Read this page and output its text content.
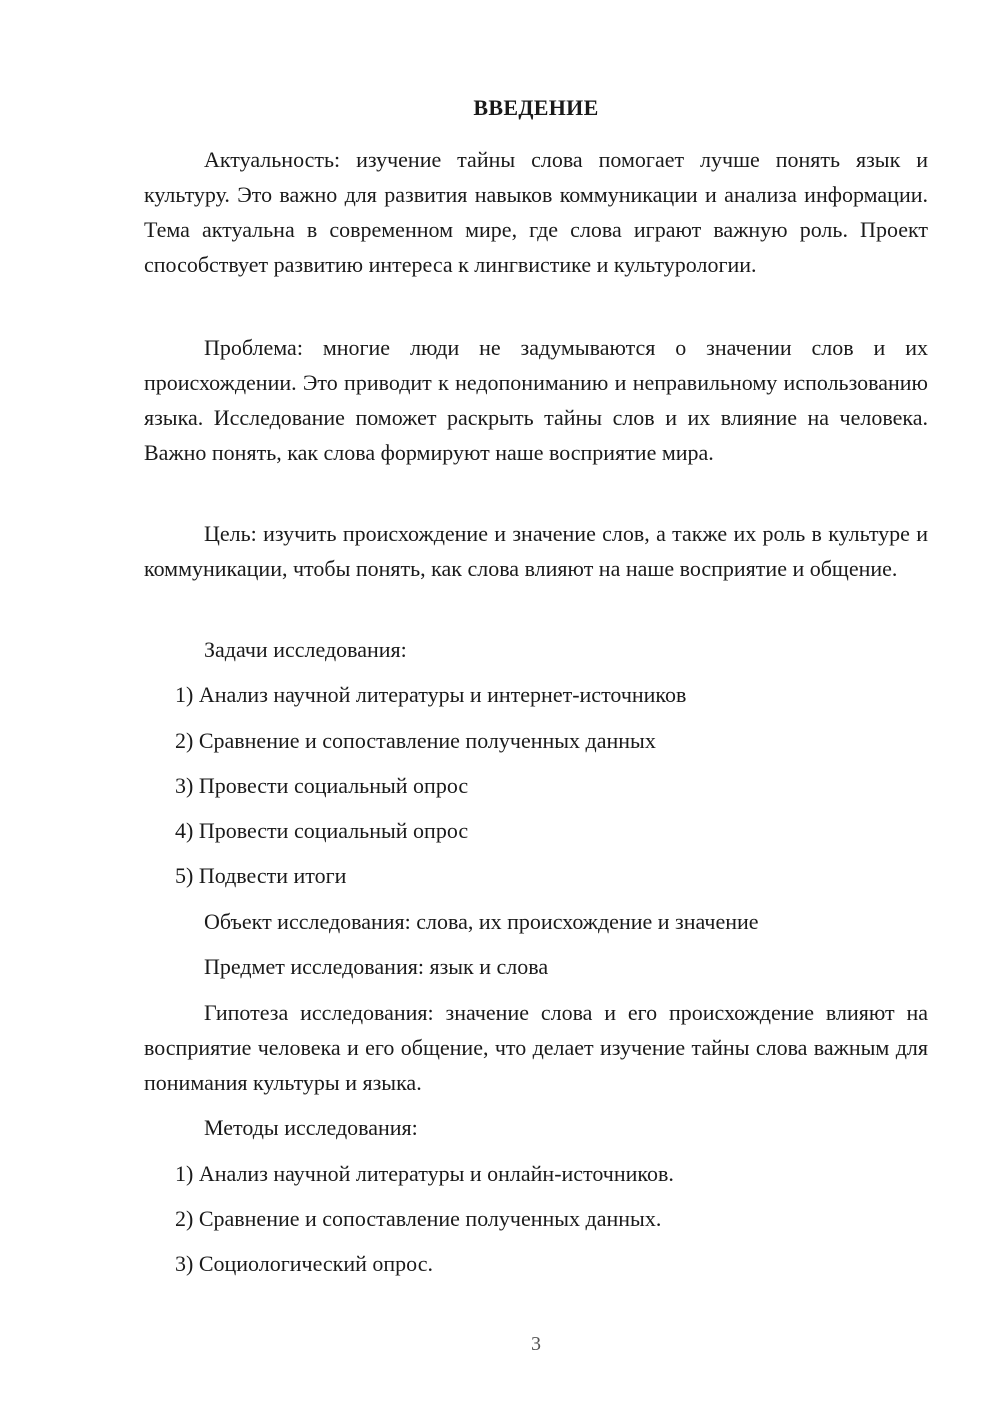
ВВЕДЕНИЕ

Актуальность: изучение тайны слова помогает лучше понять язык и культуру. Это важно для развития навыков коммуникации и анализа информации. Тема актуальна в современном мире, где слова играют важную роль. Проект способствует развитию интереса к лингвистике и культурологии.

Проблема: многие люди не задумываются о значении слов и их происхождении. Это приводит к недопониманию и неправильному использованию языка. Исследование поможет раскрыть тайны слов и их влияние на человека. Важно понять, как слова формируют наше восприятие мира.

Цель: изучить происхождение и значение слов, а также их роль в культуре и коммуникации, чтобы понять, как слова влияют на наше восприятие и общение.

Задачи исследования:

1) Анализ научной литературы и интернет-источников

2) Сравнение и сопоставление полученных данных

3) Провести социальный опрос

4) Провести социальный опрос

5) Подвести итоги

Объект исследования: слова, их происхождение и значение

Предмет исследования: язык и слова

Гипотеза исследования: значение слова и его происхождение влияют на восприятие человека и его общение, что делает изучение тайны слова важным для понимания культуры и языка.

Методы исследования:

1) Анализ научной литературы и онлайн-источников.

2) Сравнение и сопоставление полученных данных.

3) Социологический опрос.

3
